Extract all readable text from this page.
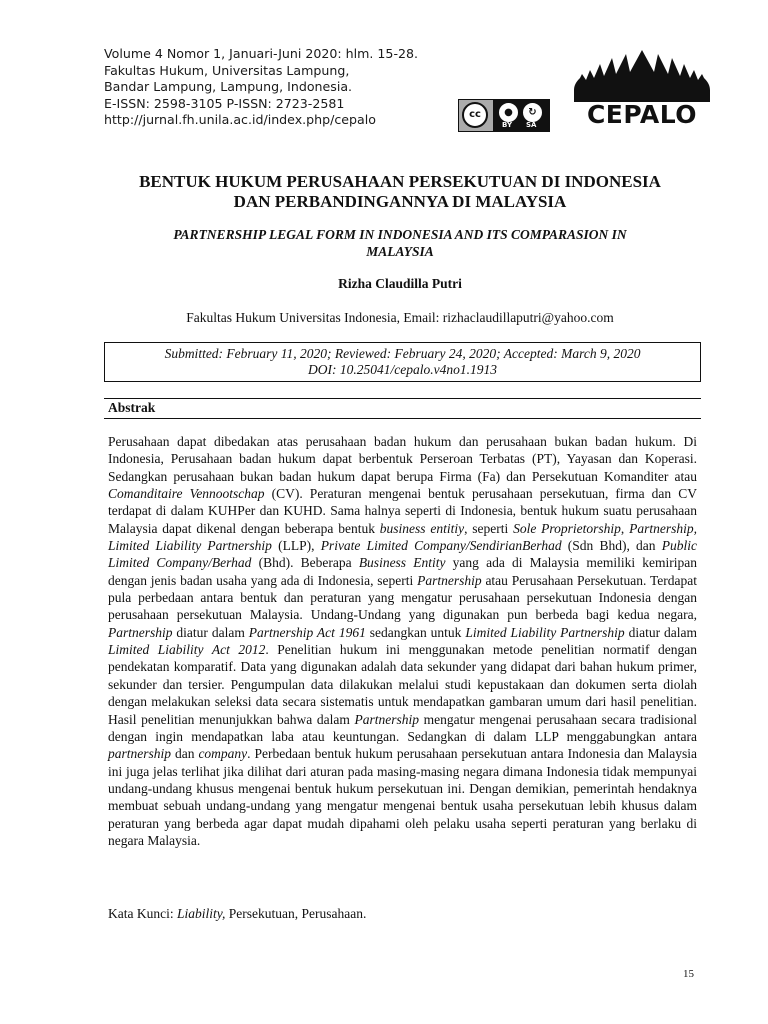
Volume 4 Nomor 1, Januari-Juni 2020: hlm. 15-28.
Fakultas Hukum, Universitas Lampung,
Bandar Lampung, Lampung, Indonesia.
E-ISSN: 2598-3105 P-ISSN: 2723-2581
http://jurnal.fh.unila.ac.id/index.php/cepalo	cc	●	↻
BY SA	CEPALO
BENTUK HUKUM PERUSAHAAN PERSEKUTUAN DI INDONESIA
DAN PERBANDINGANNYA DI MALAYSIA
PARTNERSHIP LEGAL FORM IN INDONESIA AND ITS COMPARASION IN
MALAYSIA
Rizha Claudilla Putri
Fakultas Hukum Universitas Indonesia, Email: rizhaclaudillaputri@yahoo.com
Submitted: February 11, 2020; Reviewed: February 24, 2020; Accepted: March 9, 2020
DOI: 10.25041/cepalo.v4no1.1913
Abstrak

Perusahaan dapat dibedakan atas perusahaan badan hukum dan perusahaan bukan badan hukum. Di Indonesia, Perusahaan badan hukum dapat berbentuk Perseroan Terbatas (PT), Yayasan dan Koperasi. Sedangkan perusahaan bukan badan hukum dapat berupa Firma (Fa) dan Persekutuan Komanditer atau Comanditaire Vennootschap (CV). Peraturan mengenai bentuk perusahaan persekutuan, firma dan CV terdapat di dalam KUHPer dan KUHD. Sama halnya seperti di Indonesia, bentuk hukum suatu perusahaan Malaysia dapat dikenal dengan beberapa bentuk business entitiy, seperti Sole Proprietorship, Partnership, Limited Liability Partnership (LLP), Private Limited Company/SendirianBerhad (Sdn Bhd), dan Public Limited Company/Berhad (Bhd). Beberapa Business Entity yang ada di Malaysia memiliki kemiripan dengan jenis badan usaha yang ada di Indonesia, seperti Partnership atau Perusahaan Persekutuan. Terdapat pula perbedaan antara bentuk dan peraturan yang mengatur perusahaan persekutuan Indonesia dengan perusahaan persekutuan Malaysia. Undang-Undang yang digunakan pun berbeda bagi kedua negara, Partnership diatur dalam Partnership Act 1961 sedangkan untuk Limited Liability Partnership diatur dalam Limited Liability Act 2012. Penelitian hukum ini menggunakan metode penelitian normatif dengan pendekatan komparatif. Data yang digunakan adalah data sekunder yang didapat dari bahan hukum primer, sekunder dan tersier. Pengumpulan data dilakukan melalui studi kepustakaan dan dokumen serta diolah dengan melakukan seleksi data secara sistematis untuk mendapatkan gambaran umum dari hasil penelitian. Hasil penelitian menunjukkan bahwa dalam Partnership mengatur mengenai perusahaan secara tradisional dengan ingin mendapatkan laba atau keuntungan. Sedangkan di dalam LLP menggabungkan antara partnership dan company. Perbedaan bentuk hukum perusahaan persekutuan antara Indonesia dan Malaysia ini juga jelas terlihat jika dilihat dari aturan pada masing-masing negara dimana Indonesia tidak mempunyai undang-undang khusus mengenai bentuk hukum persekutuan ini. Dengan demikian, pemerintah hendaknya membuat sebuah undang-undang yang mengatur mengenai bentuk usaha persekutuan lebih khusus dalam peraturan yang berbeda agar dapat mudah dipahami oleh pelaku usaha seperti peraturan yang berlaku di negara Malaysia.

Kata Kunci: Liability, Persekutuan, Perusahaan.
15
